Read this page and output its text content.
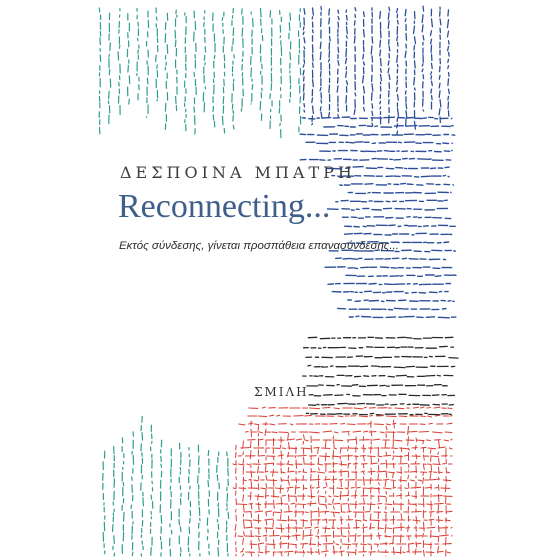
ΔΕΣΠΟΙΝΑ ΜΠΑΤΡΗ
Reconnecting...
Εκτός σύνδεσης, γίνεται προσπάθεια επανασύνδεσης...
ΣΜΙΛΗ
